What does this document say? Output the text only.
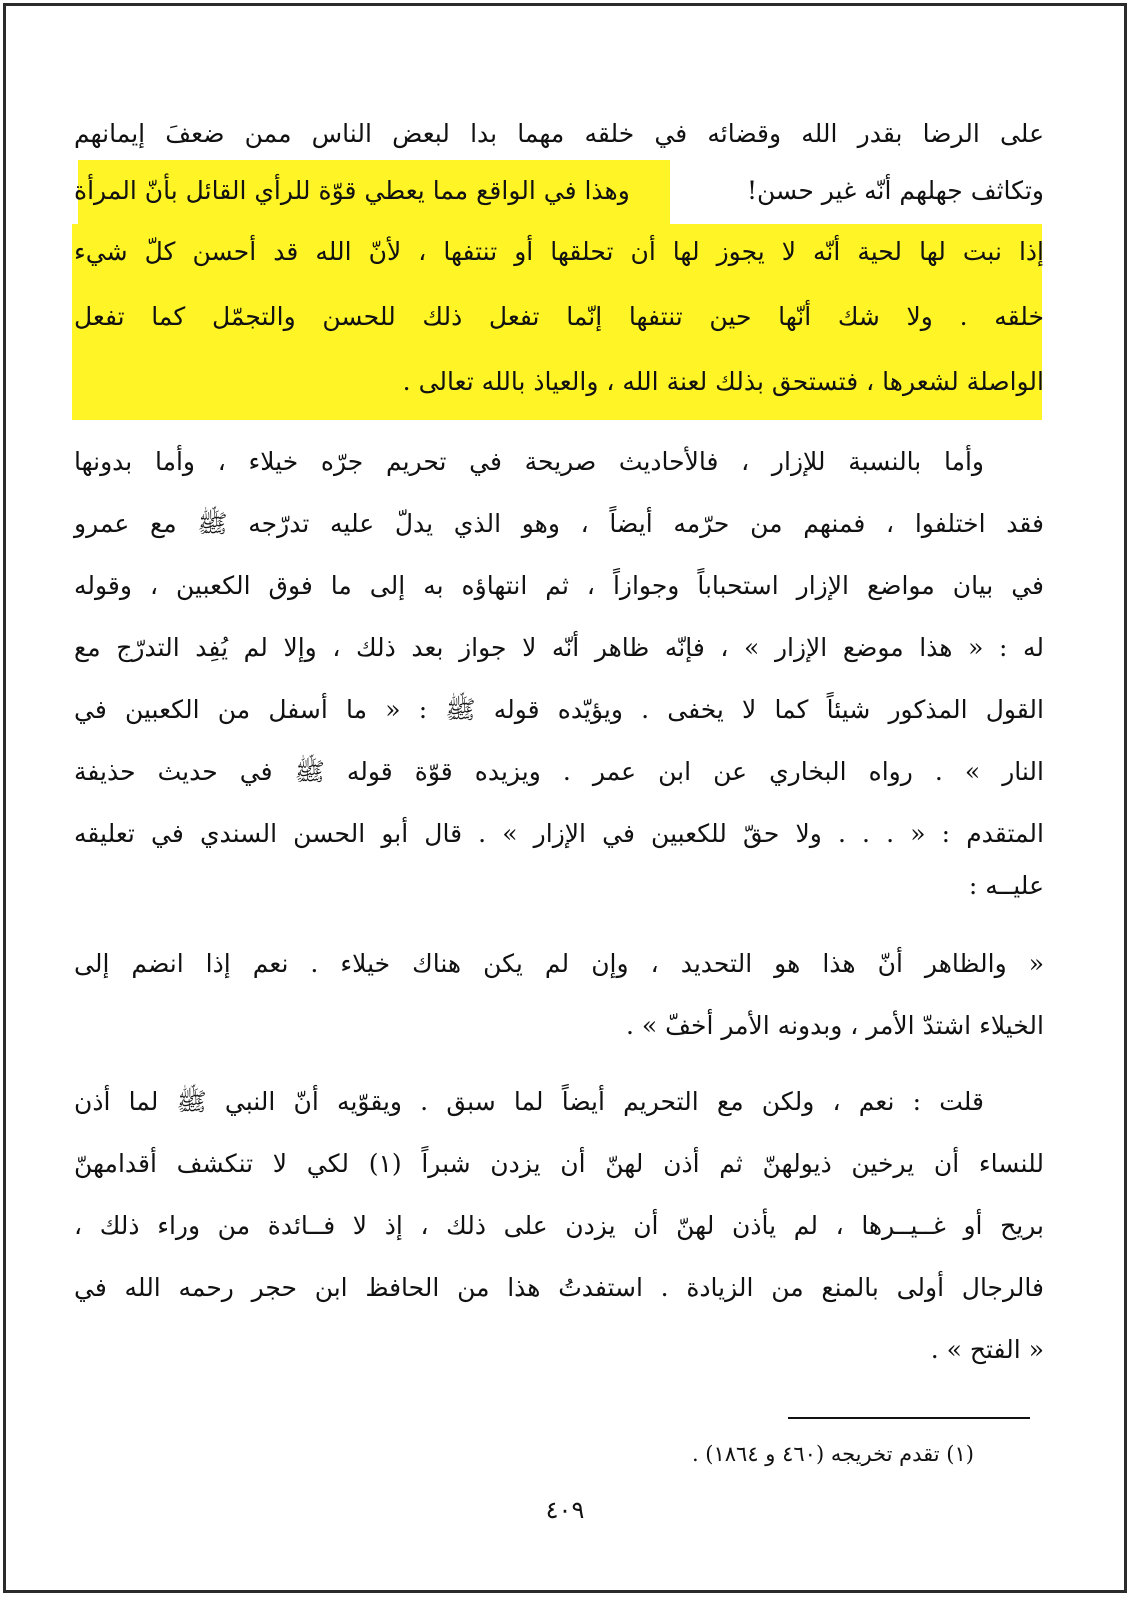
على الرضا بقدر الله وقضائه في خلقه مهما بدا لبعض الناس ممن ضعفَ إيمانهم
وتكاثف جهلهم أنّه غير حسن!
وهذا في الواقع مما يعطي قوّة للرأي القائل بأنّ المرأة
إذا نبت لها لحية أنّه لا يجوز لها أن تحلقها أو تنتفها ، لأنّ الله قد أحسن كلّ شيء
خلقه . ولا شك أنّها حين تنتفها إنّما تفعل ذلك للحسن والتجمّل كما تفعل
الواصلة لشعرها ، فتستحق بذلك لعنة الله ، والعياذ بالله تعالى .
وأما بالنسبة للإزار ، فالأحاديث صريحة في تحريم جرّه خيلاء ، وأما بدونها
فقد اختلفوا ، فمنهم من حرّمه أيضاً ، وهو الذي يدلّ عليه تدرّجه ﷺ مع عمرو
في بيان مواضع الإزار استحباباً وجوازاً ، ثم انتهاؤه به إلى ما فوق الكعبين ، وقوله
له : « هذا موضع الإزار » ، فإنّه ظاهر أنّه لا جواز بعد ذلك ، وإلا لم يُفِد التدرّج مع
القول المذكور شيئاً كما لا يخفى . ويؤيّده قوله ﷺ : « ما أسفل من الكعبين في
النار » . رواه البخاري عن ابن عمر . ويزيده قوّة قوله ﷺ في حديث حذيفة
المتقدم : « . . . ولا حقّ للكعبين في الإزار » . قال أبو الحسن السندي في تعليقه
عليــه :
« والظاهر أنّ هذا هو التحديد ، وإن لم يكن هناك خيلاء . نعم إذا انضم إلى
الخيلاء اشتدّ الأمر ، وبدونه الأمر أخفّ » .
قلت : نعم ، ولكن مع التحريم أيضاً لما سبق . ويقوّيه أنّ النبي ﷺ لما أذن
للنساء أن يرخين ذيولهنّ ثم أذن لهنّ أن يزدن شبراً (١) لكي لا تنكشف أقدامهنّ
بريح أو غــيــرها ، لم يأذن لهنّ أن يزدن على ذلك ، إذ لا فــائدة من وراء ذلك ،
فالرجال أولى بالمنع من الزيادة . استفدتُ هذا من الحافظ ابن حجر رحمه الله في
« الفتح » .
(١) تقدم تخريجه (٤٦٠ و ١٨٦٤) .
٤٠٩
